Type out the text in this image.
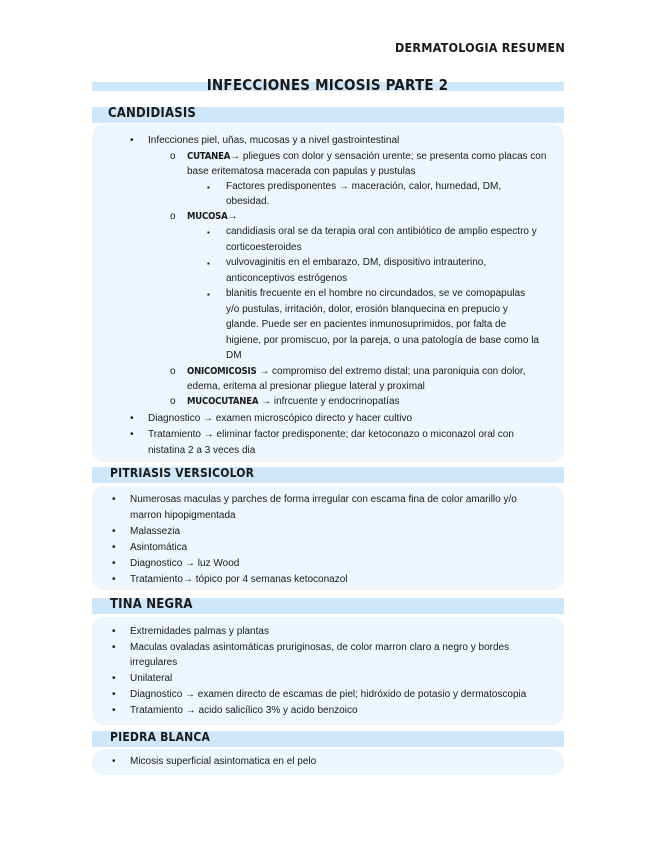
DERMATOLOGIA RESUMEN
INFECCIONES MICOSIS PARTE 2
CANDIDIASIS
• Infecciones piel, uñas, mucosas y a nivel gastrointestinal
o CUTANEA→ pliegues con dolor y sensación urente; se presenta como placas con
base eritematosa macerada con papulas y pustulas
▪ Factores predisponentes → maceración, calor, humedad, DM,
obesidad.
o MUCOSA→
▪ candidiasis oral se da terapia oral con antibiótico de amplio espectro y
corticoesteroides
▪ vulvovaginitis en el embarazo, DM, dispositivo intrauterino,
anticonceptivos estrógenos
▪ blanitis frecuente en el hombre no circundados, se ve comopapulas
y/o pustulas, irritación, dolor, erosión blanquecina en prepucio y
glande. Puede ser en pacientes inmunosuprimidos, por falta de
higiene, por promiscuo, por la pareja, o una patología de base como la
DM
o ONICOMICOSIS → compromiso del extremo distal; una paroniquia con dolor,
edema, eritema al presionar pliegue lateral y proximal
o MUCOCUTANEA → infrcuente y endocrinopatías
• Diagnostico → examen microscópico directo y hacer cultivo
• Tratamiento → eliminar factor predisponente; dar ketoconazo o miconazol oral con
nistatina 2 a 3 veces dia
PITRIASIS VERSICOLOR
• Numerosas maculas y parches de forma irregular con escama fina de color amarillo y/o
marron hipopigmentada
• Malassezia
• Asintomática
• Diagnostico → luz Wood
• Tratamiento→ tópico por 4 semanas ketoconazol
TINA NEGRA
• Extremidades palmas y plantas
• Maculas ovaladas asintomáticas pruriginosas, de color marron claro a negro y bordes
irregulares
• Unilateral
• Diagnostico → examen directo de escamas de piel; hidróxido de potasio y dermatoscopia
• Tratamiento → acido salicílico 3% y acido benzoico
PIEDRA BLANCA
• Micosis superficial asintomatica en el pelo
